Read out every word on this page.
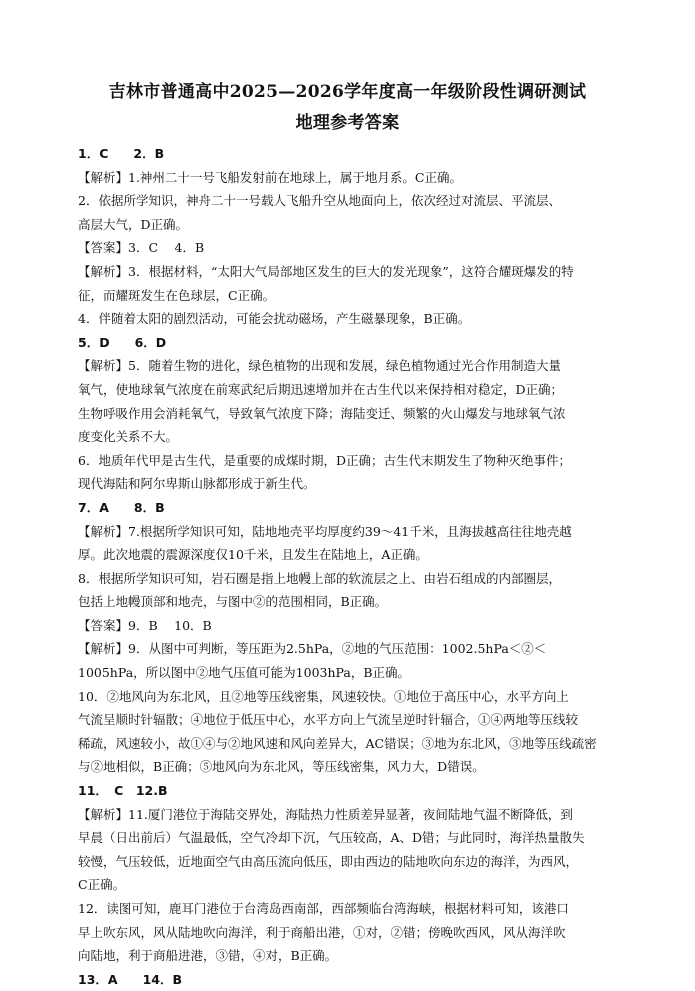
吉林市普通高中2025—2026学年度高一年级阶段性调研测试
地理参考答案
1．C　　2．B
【解析】1.神州二十一号飞船发射前在地球上，属于地月系。C正确。
2．依据所学知识，神舟二十一号载人飞船升空从地面向上，依次经过对流层、平流层、
高层大气，D正确。
【答案】3．C　 4．B
【解析】3．根据材料，“太阳大气局部地区发生的巨大的发光现象”，这符合耀斑爆发的特
征，而耀斑发生在色球层，C正确。
4．伴随着太阳的剧烈活动，可能会扰动磁场，产生磁暴现象，B正确。
5．D　　6．D
【解析】5．随着生物的进化，绿色植物的出现和发展，绿色植物通过光合作用制造大量
氧气，使地球氧气浓度在前寒武纪后期迅速增加并在古生代以来保持相对稳定，D正确；
生物呼吸作用会消耗氧气，导致氧气浓度下降；海陆变迁、频繁的火山爆发与地球氧气浓
度变化关系不大。
6．地质年代甲是古生代，是重要的成煤时期，D正确；古生代末期发生了物种灭绝事件；
现代海陆和阿尔卑斯山脉都形成于新生代。
7．A　　8．B
【解析】7.根据所学知识可知，陆地地壳平均厚度约39～41千米，且海拔越高往往地壳越
厚。此次地震的震源深度仅10千米，且发生在陆地上，A正确。
8．根据所学知识可知，岩石圈是指上地幔上部的软流层之上、由岩石组成的内部圈层，
包括上地幔顶部和地壳，与图中②的范围相同，B正确。
【答案】9．B　 10．B
【解析】9．从图中可判断，等压距为2.5hPa，②地的气压范围：1002.5hPa＜②＜
1005hPa，所以图中②地气压值可能为1003hPa，B正确。
10．②地风向为东北风，且②地等压线密集，风速较快。①地位于高压中心，水平方向上
气流呈顺时针辐散；④地位于低压中心，水平方向上气流呈逆时针辐合，①④两地等压线较
稀疏，风速较小，故①④与②地风速和风向差异大，AC错误；③地为东北风，③地等压线疏密
与②地相似，B正确；⑤地风向为东北风，等压线密集，风力大，D错误。
11．　C　12.B
【解析】11.厦门港位于海陆交界处，海陆热力性质差异显著，夜间陆地气温不断降低，到
早晨（日出前后）气温最低，空气冷却下沉，气压较高，A、D错；与此同时，海洋热量散失
较慢，气压较低，近地面空气由高压流向低压，即由西边的陆地吹向东边的海洋，为西风，
C正确。
12．读图可知，鹿耳门港位于台湾岛西南部，西部频临台湾海峡，根据材料可知，该港口
早上吹东风，风从陆地吹向海洋，利于商船出港，①对，②错；傍晚吹西风，风从海洋吹
向陆地，利于商船进港，③错，④对，B正确。
13．A　　14．B
